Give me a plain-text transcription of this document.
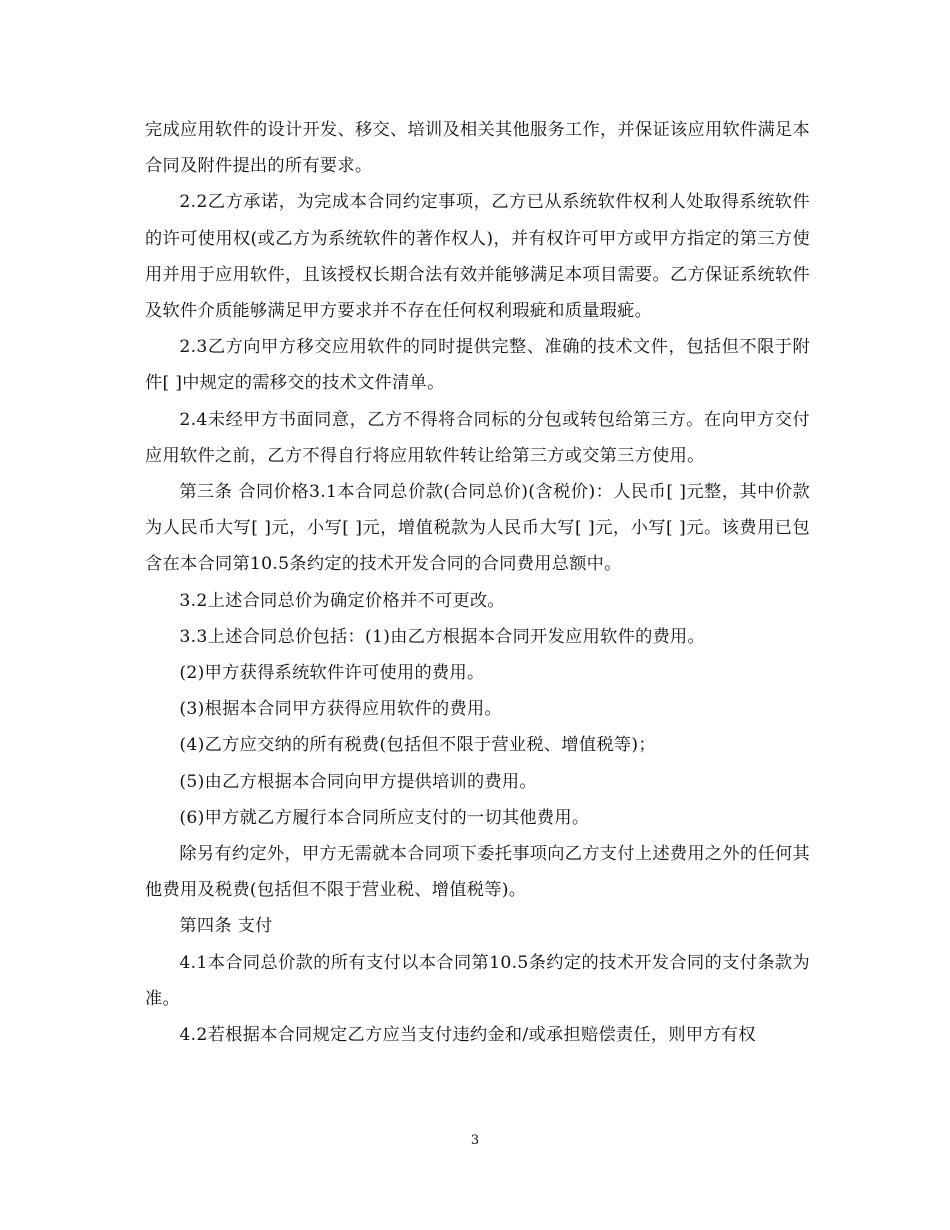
完成应用软件的设计开发、移交、培训及相关其他服务工作，并保证该应用软件满足本合同及附件提出的所有要求。

2.2乙方承诺，为完成本合同约定事项，乙方已从系统软件权利人处取得系统软件的许可使用权(或乙方为系统软件的著作权人)，并有权许可甲方或甲方指定的第三方使用并用于应用软件，且该授权长期合法有效并能够满足本项目需要。乙方保证系统软件及软件介质能够满足甲方要求并不存在任何权利瑕疵和质量瑕疵。

2.3乙方向甲方移交应用软件的同时提供完整、准确的技术文件，包括但不限于附件[ ]中规定的需移交的技术文件清单。

2.4未经甲方书面同意，乙方不得将合同标的分包或转包给第三方。在向甲方交付应用软件之前，乙方不得自行将应用软件转让给第三方或交第三方使用。

第三条 合同价格3.1本合同总价款(合同总价)(含税价)：人民币[ ]元整，其中价款为人民币大写[ ]元，小写[ ]元，增值税款为人民币大写[ ]元，小写[ ]元。该费用已包含在本合同第10.5条约定的技术开发合同的合同费用总额中。

3.2上述合同总价为确定价格并不可更改。

3.3上述合同总价包括：(1)由乙方根据本合同开发应用软件的费用。

(2)甲方获得系统软件许可使用的费用。

(3)根据本合同甲方获得应用软件的费用。

(4)乙方应交纳的所有税费(包括但不限于营业税、增值税等)；

(5)由乙方根据本合同向甲方提供培训的费用。

(6)甲方就乙方履行本合同所应支付的一切其他费用。

除另有约定外，甲方无需就本合同项下委托事项向乙方支付上述费用之外的任何其他费用及税费(包括但不限于营业税、增值税等)。

第四条 支付

4.1本合同总价款的所有支付以本合同第10.5条约定的技术开发合同的支付条款为准。

4.2若根据本合同规定乙方应当支付违约金和/或承担赔偿责任，则甲方有权

3
